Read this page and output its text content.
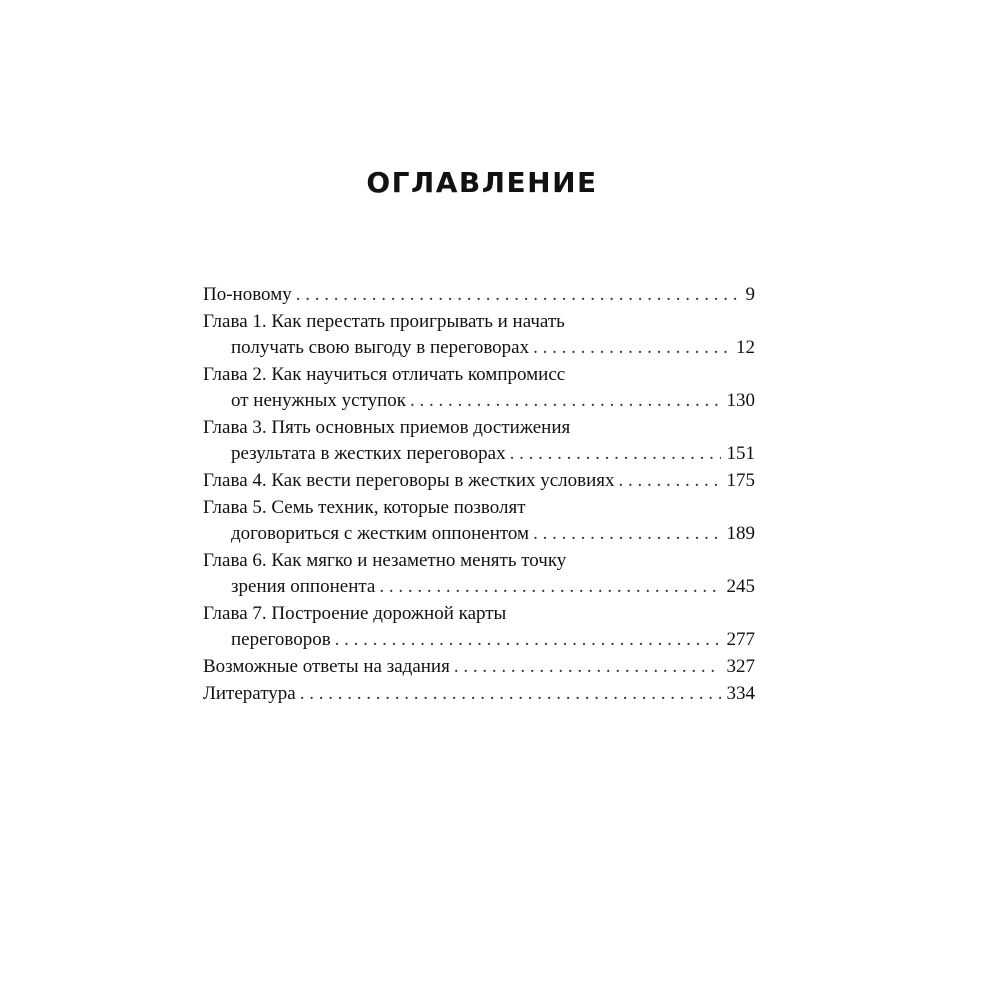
ОГЛАВЛЕНИЕ
По-новому . . .	9
Глава 1. Как перестать проигрывать и начать
получать свою выгоду в переговорах . . .	12
Глава 2. Как научиться отличать компромисс
от ненужных уступок . . .	130
Глава 3. Пять основных приемов достижения
результата в жестких переговорах . . .	151
Глава 4. Как вести переговоры в жестких условиях . . .	175
Глава 5. Семь техник, которые позволят
договориться с жестким оппонентом . . .	189
Глава 6. Как мягко и незаметно менять точку
зрения оппонента . . .	245
Глава 7. Построение дорожной карты
переговоров . . .	277
Возможные ответы на задания . . .	327
Литература . . .	334
